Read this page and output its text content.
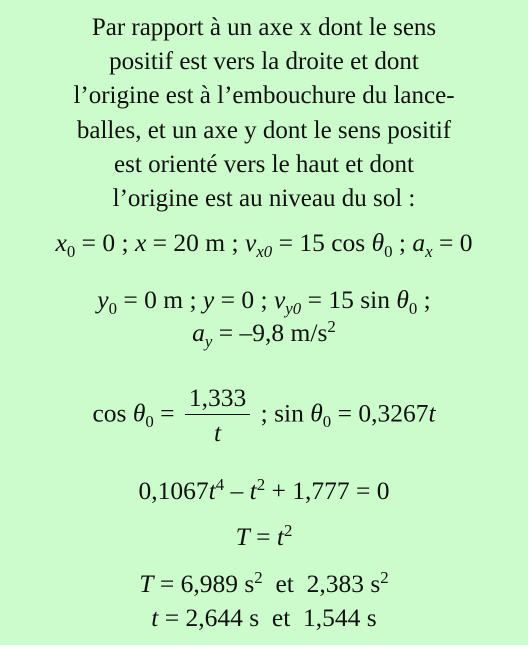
Par rapport à un axe x dont le sens
positif est vers la droite et dont
l’origine est à l’embouchure du lance-
balles, et un axe y dont le sens positif
est orienté vers le haut et dont
l’origine est au niveau du sol :
$x_0 = 0$ ; x = 20 m ; $v_{x0} = 15$ $\cos \theta_0$ ; $a_x = 0$
$y_0 = 0$ m ; y = 0 ; $v_{y0} = 15$ $\sin \theta_0$ ;
$a_y = -9,8$ $m/s^2$
$\cos \theta_0 = \frac{1,333}{t}$ ; $\sin \theta_0 = 0,3267t$
$0,1067t^4 - t^2 + 1,777 = 0$
$T = t^2$
T = 6,989 $s^2$  et  2,383 $s^2$
t = 2,644 s  et  1,544 s
